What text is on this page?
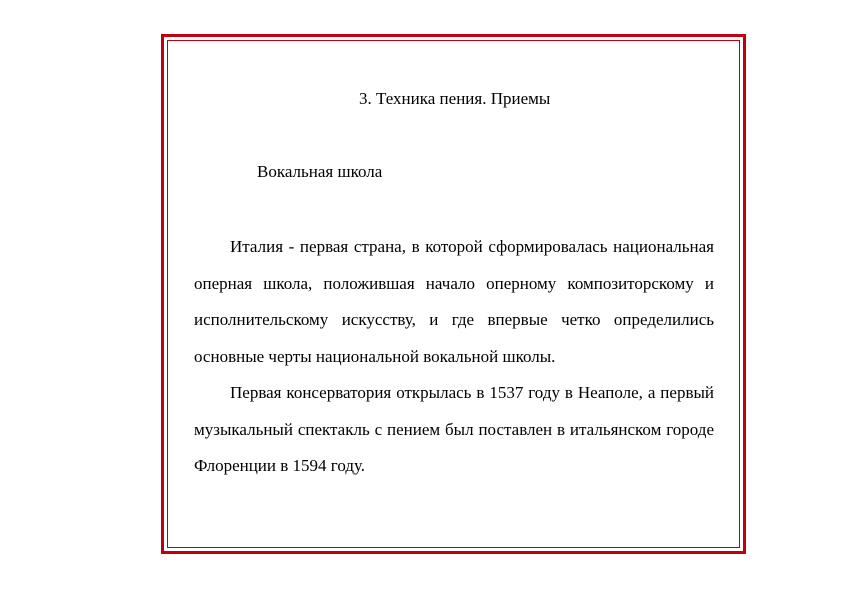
3. Техника пения. Приемы
Вокальная школа

Италия - первая страна, в которой сформировалась национальная оперная школа, положившая начало оперному композиторскому и исполнительскому искусству, и где впервые четко определились основные черты национальной вокальной школы.

Первая консерватория открылась в 1537 году в Неаполе, а первый музыкальный спектакль с пением был поставлен в итальянском городе Флоренции в 1594 году.
